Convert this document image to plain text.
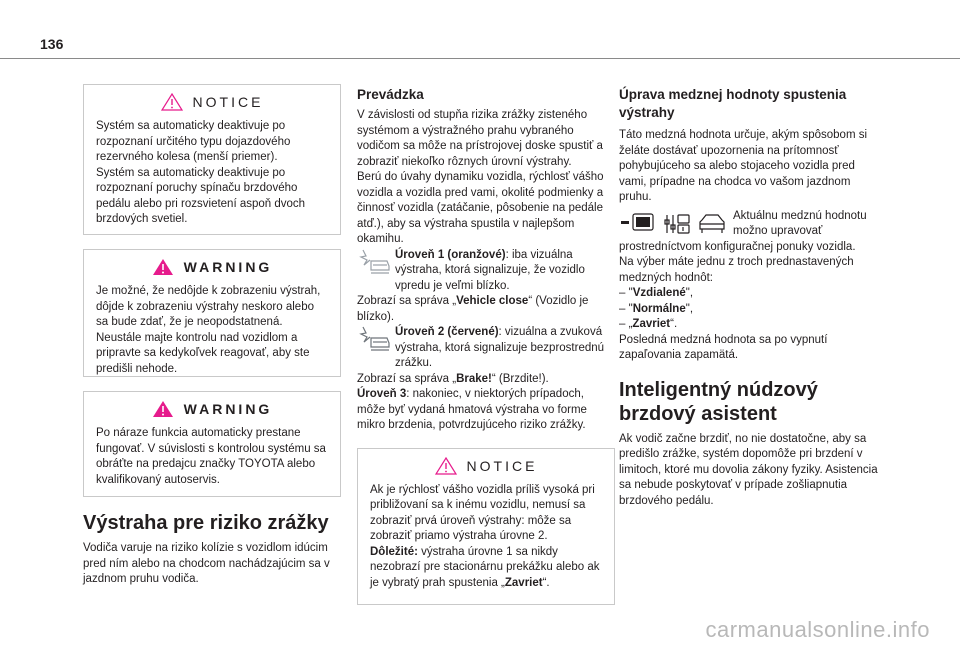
136
NOTICE

Systém sa automaticky deaktivuje po rozpoznaní určitého typu dojazdového rezervného kolesa (menší priemer).

Systém sa automaticky deaktivuje po rozpoznaní poruchy spínaču brzdového pedálu alebo pri rozsvietení aspoň dvoch brzdových svetiel.

WARNING

Je možné, že nedôjde k zobrazeniu výstrah, dôjde k zobrazeniu výstrahy neskoro alebo sa bude zdať, že je neopodstatnená.

Neustále majte kontrolu nad vozidlom a pripravte sa kedykoľvek reagovať, aby ste predišli nehode.

WARNING

Po náraze funkcia automaticky prestane fungovať. V súvislosti s kontrolou systému sa obráťte na predajcu značky TOYOTA alebo kvalifikovaný autoservis.

Výstraha pre riziko zrážky

Vodiča varuje na riziko kolízie s vozidlom idúcim pred ním alebo na chodcom nachádzajúcim sa v jazdnom pruhu vodiča.

Prevádzka

V závislosti od stupňa rizika zrážky zisteného systémom a výstražného prahu vybraného vodičom sa môže na prístrojovej doske spustiť a zobraziť niekoľko rôznych úrovní výstrahy.

Berú do úvahy dynamiku vozidla, rýchlosť vášho vozidla a vozidla pred vami, okolité podmienky a činnosť vozidla (zatáčanie, pôsobenie na pedále atď.), aby sa výstraha spustila v najlepšom okamihu.

Úroveň 1 (oranžové): iba vizuálna výstraha, ktorá signalizuje, že vozidlo vpredu je veľmi blízko.

Zobrazí sa správa „Vehicle close“ (Vozidlo je blízko).

Úroveň 2 (červené): vizuálna a zvuková výstraha, ktorá signalizuje bezprostrednú zrážku.

Zobrazí sa správa „Brake!“ (Brzdite!).

Úroveň 3: nakoniec, v niektorých prípadoch, môže byť vydaná hmatová výstraha vo forme mikro brzdenia, potvrdzujúceho riziko zrážky.

NOTICE

Ak je rýchlosť vášho vozidla príliš vysoká pri približovaní sa k inému vozidlu, nemusí sa zobraziť prvá úroveň výstrahy: môže sa zobraziť priamo výstraha úrovne 2.

Dôležité: výstraha úrovne 1 sa nikdy nezobrazí pre stacionárnu prekážku alebo ak je vybratý prah spustenia „Zavriet“.

Úprava medznej hodnoty spustenia výstrahy

Táto medzná hodnota určuje, akým spôsobom si želáte dostávať upozornenia na prítomnosť pohybujúceho sa alebo stojaceho vozidla pred vami, prípadne na chodca vo vašom jazdnom pruhu.

Aktuálnu medznú hodnotu možno upravovať

prostredníctvom konfiguračnej ponuky vozidla.

Na výber máte jednu z troch prednastavených medzných hodnôt:

– "Vzdialené",

– "Normálne",

– „Zavriet“.

Posledná medzná hodnota sa po vypnutí zapaľovania zapamätá.

Inteligentný núdzový brzdový asistent

Ak vodič začne brzdiť, no nie dostatočne, aby sa predišlo zrážke, systém dopomôže pri brzdení v limitoch, ktoré mu dovolia zákony fyziky. Asistencia sa nebude poskytovať v prípade zošliapnutia brzdového pedálu.

carmanualsonline.info
